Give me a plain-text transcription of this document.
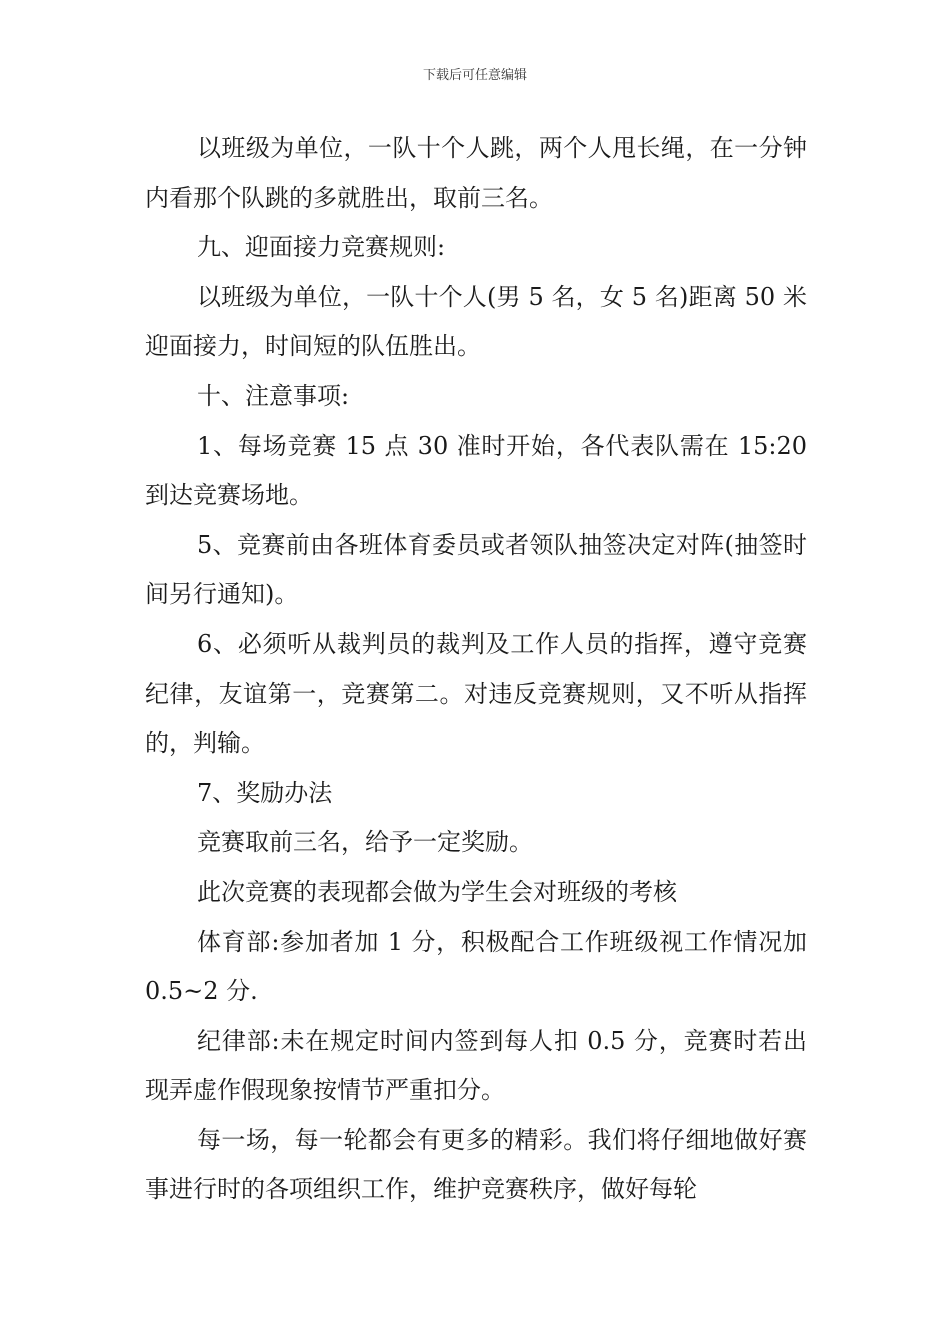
下载后可任意编辑

以班级为单位，一队十个人跳，两个人甩长绳，在一分钟内看那个队跳的多就胜出，取前三名。

九、迎面接力竞赛规则:

以班级为单位，一队十个人(男 5 名，女 5 名)距离 50 米迎面接力，时间短的队伍胜出。

十、注意事项:

1、每场竞赛 15 点 30 准时开始，各代表队需在 15:20 到达竞赛场地。

5、竞赛前由各班体育委员或者领队抽签决定对阵(抽签时间另行通知)。

6、必须听从裁判员的裁判及工作人员的指挥，遵守竞赛纪律，友谊第一，竞赛第二。对违反竞赛规则，又不听从指挥的，判输。

7、奖励办法

竞赛取前三名，给予一定奖励。

此次竞赛的表现都会做为学生会对班级的考核

体育部:参加者加 1 分，积极配合工作班级视工作情况加 0.5~2 分.

纪律部:未在规定时间内签到每人扣 0.5 分，竞赛时若出现弄虚作假现象按情节严重扣分。

每一场，每一轮都会有更多的精彩。我们将仔细地做好赛事进行时的各项组织工作，维护竞赛秩序，做好每轮
